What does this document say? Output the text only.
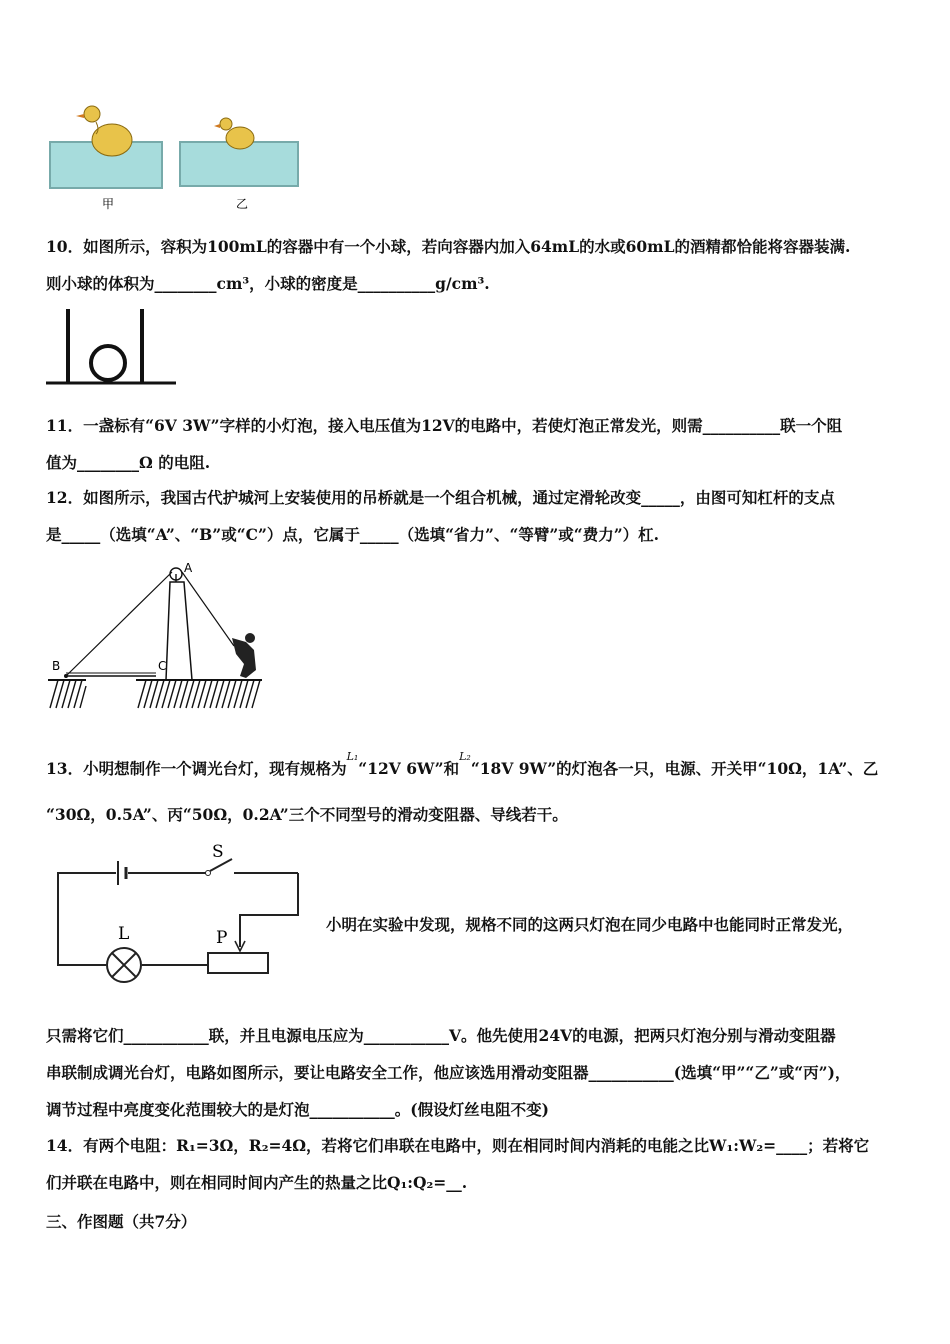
甲	乙
10．如图所示，容积为100mL的容器中有一个小球，若向容器内加入64mL的水或60mL的酒精都恰能将容器装满.
则小球的体积为________cm³，小球的密度是__________g/cm³.
11．一盏标有“6V 3W”字样的小灯泡，接入电压值为12V的电路中，若使灯泡正常发光，则需__________联一个阻
值为________Ω 的电阻.
12．如图所示，我国古代护城河上安装使用的吊桥就是一个组合机械，通过定滑轮改变_____，由图可知杠杆的支点
是_____（选填“A”、“B”或“C”）点，它属于_____（选填“省力”、“等臂”或“费力”）杠.
A
B	C
13．小明想制作一个调光台灯，现有规格为$^{L_1}$“12V 6W”和$^{L_2}$“18V 9W”的灯泡各一只，电源、开关甲“10Ω，1A”、乙
“30Ω，0.5A”、丙“50Ω，0.2A”三个不同型号的滑动变阻器、导线若干。
S
L	P
小明在实验中发现，规格不同的这两只灯泡在同少电路中也能同时正常发光，
只需将它们___________联，并且电源电压应为___________V。他先使用24V的电源，把两只灯泡分别与滑动变阻器
串联制成调光台灯，电路如图所示，要让电路安全工作，他应该选用滑动变阻器___________(选填“甲”“乙”或“丙”)，
调节过程中亮度变化范围较大的是灯泡___________。(假设灯丝电阻不变)
14．有两个电阻：R₁=3Ω，R₂=4Ω，若将它们串联在电路中，则在相同时间内消耗的电能之比W₁:W₂=____；若将它
们并联在电路中，则在相同时间内产生的热量之比Q₁:Q₂=__.
三、作图题（共7分）
